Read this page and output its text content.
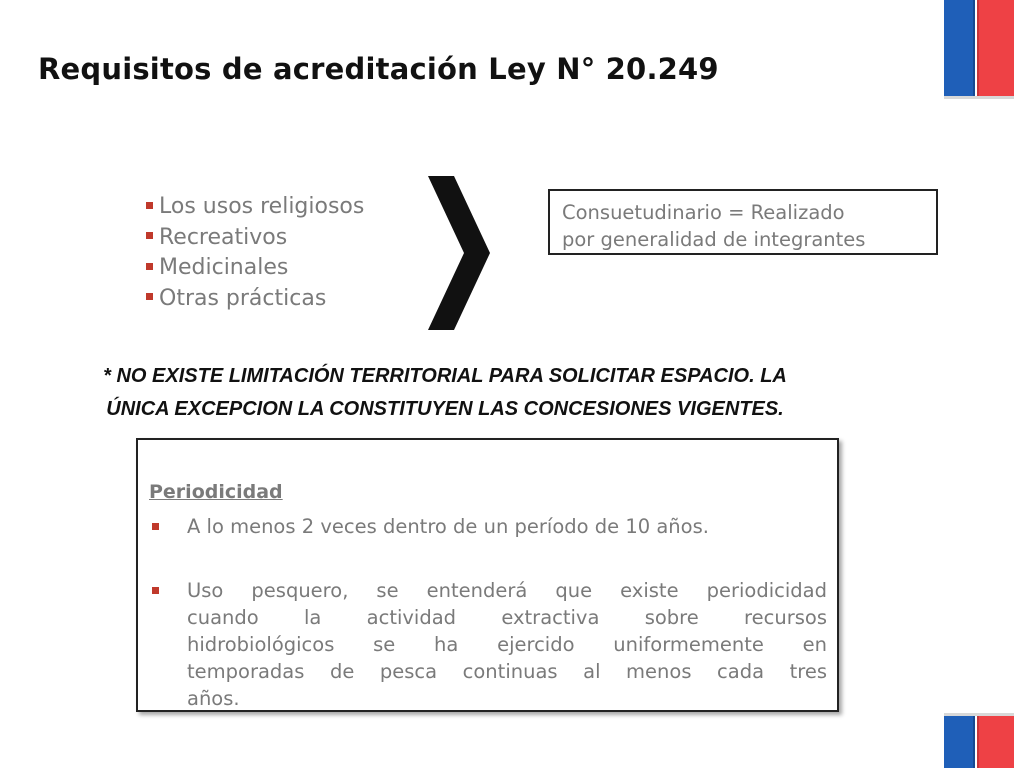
Requisitos de acreditación Ley N° 20.249
Los usos religiosos
Recreativos
Medicinales
Otras prácticas
Consuetudinario = Realizado
por generalidad de integrantes
* NO EXISTE LIMITACIÓN TERRITORIAL PARA SOLICITAR ESPACIO. LA
ÚNICA EXCEPCION LA CONSTITUYEN LAS CONCESIONES VIGENTES.
Periodicidad
A lo menos 2 veces dentro de un período de 10 años.
Uso pesquero, se entenderá que existe periodicidad
cuando la actividad extractiva sobre recursos
hidrobiológicos se ha ejercido uniformemente en
temporadas de pesca continuas al menos cada tres
años.
